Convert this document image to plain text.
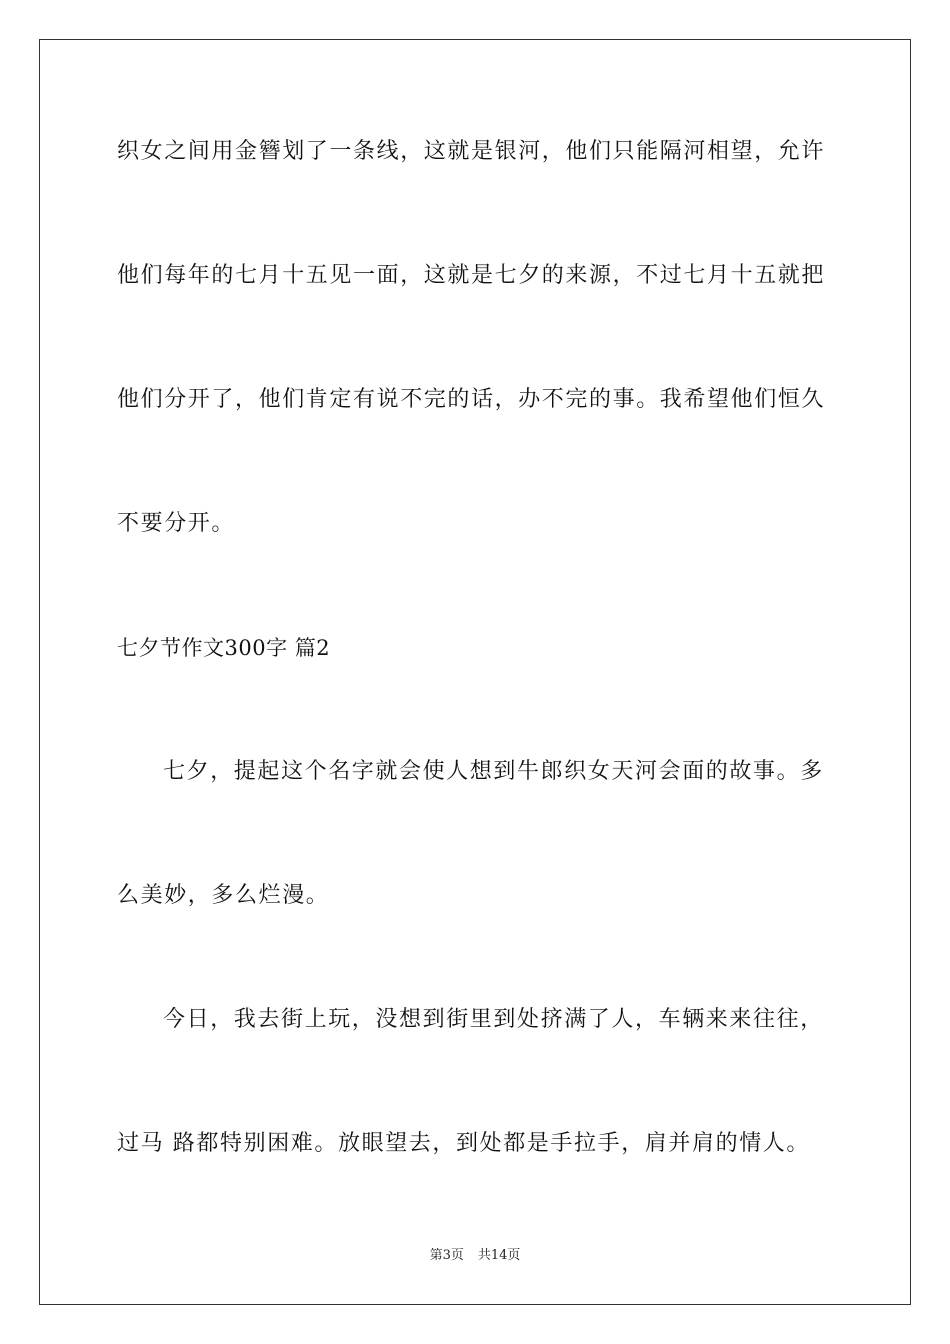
织女之间用金簪划了一条线，这就是银河，他们只能隔河相望，允许
他们每年的七月十五见一面，这就是七夕的来源，不过七月十五就把
他们分开了，他们肯定有说不完的话，办不完的事。我希望他们恒久
不要分开。
七夕节作文300字 篇2
七夕，提起这个名字就会使人想到牛郎织女天河会面的故事。多
么美妙，多么烂漫。
今日，我去街上玩，没想到街里到处挤满了人，车辆来来往往，
过马 路都特别困难。放眼望去，到处都是手拉手，肩并肩的情人。
第3页 共14页
